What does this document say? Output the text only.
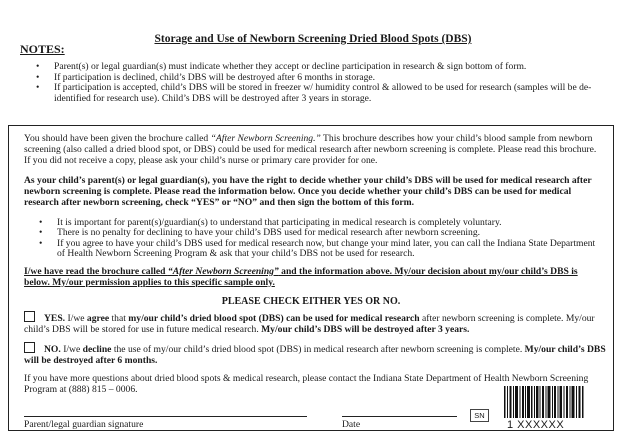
Storage and Use of Newborn Screening Dried Blood Spots (DBS)
NOTES:
• Parent(s) or legal guardian(s) must indicate whether they accept or decline participation in research & sign bottom of form.
• If participation is declined, child’s DBS will be destroyed after 6 months in storage.
• If participation is accepted, child’s DBS will be stored in freezer w/ humidity control & allowed to be used for research (samples will be de-identified for research use). Child’s DBS will be destroyed after 3 years in storage.

You should have been given the brochure called “After Newborn Screening.” This brochure describes how your child’s blood sample from newborn screening (also called a dried blood spot, or DBS) could be used for medical research after newborn screening is complete. Please read this brochure. If you did not receive a copy, please ask your child’s nurse or primary care provider for one.

As your child’s parent(s) or legal guardian(s), you have the right to decide whether your child’s DBS will be used for medical research after newborn screening is complete. Please read the information below. Once you decide whether your child’s DBS can be used for medical research after newborn screening, check “YES” or “NO” and then sign the bottom of this form.

• It is important for parent(s)/guardian(s) to understand that participating in medical research is completely voluntary.
• There is no penalty for declining to have your child’s DBS used for medical research after newborn screening.
• If you agree to have your child’s DBS used for medical research now, but change your mind later, you can call the Indiana State Department of Health Newborn Screening Program & ask that your child’s DBS not be used for research.

I/we have read the brochure called “After Newborn Screening” and the information above. My/our decision about my/our child’s DBS is below. My/our permission applies to this specific sample only.

PLEASE CHECK EITHER YES OR NO.
YES. I/we agree that my/our child’s dried blood spot (DBS) can be used for medical research after newborn screening is complete. My/our child’s DBS will be stored for use in future medical research. My/our child’s DBS will be destroyed after 3 years.
NO. I/we decline the use of my/our child’s dried blood spot (DBS) in medical research after newborn screening is complete. My/our child’s DBS will be destroyed after 6 months.

If you have more questions about dried blood spots & medical research, please contact the Indiana State Department of Health Newborn Screening Program at (888) 815 – 0006.

Parent/legal guardian signature	Date
SN
1 XXXXXX
